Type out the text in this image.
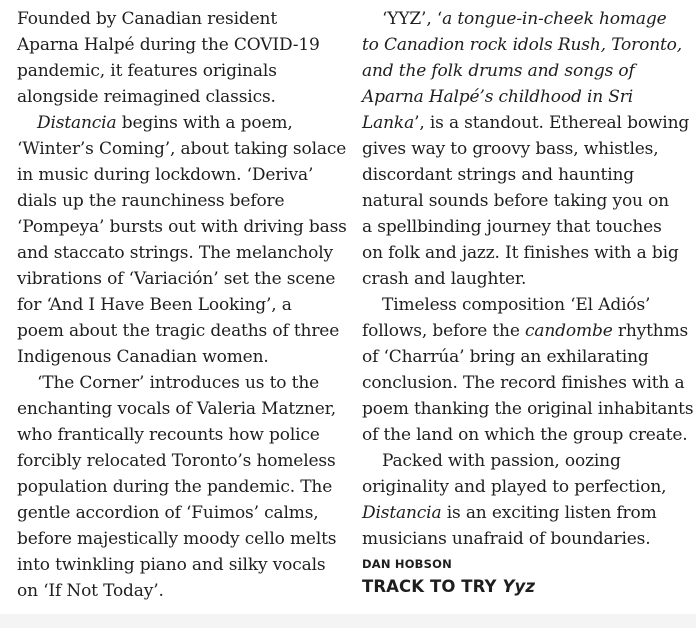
Founded by Canadian resident
Aparna Halpé during the COVID-19
pandemic, it features originals
alongside reimagined classics.
Distancia begins with a poem,
‘Winter’s Coming’, about taking solace
in music during lockdown. ‘Deriva’
dials up the raunchiness before
‘Pompeya’ bursts out with driving bass
and staccato strings. The melancholy
vibrations of ‘Variación’ set the scene
for ‘And I Have Been Looking’, a
poem about the tragic deaths of three
Indigenous Canadian women.
‘The Corner’ introduces us to the
enchanting vocals of Valeria Matzner,
who frantically recounts how police
forcibly relocated Toronto’s homeless
population during the pandemic. The
gentle accordion of ‘Fuimos’ calms,
before majestically moody cello melts
into twinkling piano and silky vocals
on ‘If Not Today’.
‘YYZ’, ‘a tongue-in-cheek homage
to Canadion rock idols Rush, Toronto,
and the folk drums and songs of
Aparna Halpé’s childhood in Sri
Lanka’, is a standout. Ethereal bowing
gives way to groovy bass, whistles,
discordant strings and haunting
natural sounds before taking you on
a spellbinding journey that touches
on folk and jazz. It finishes with a big
crash and laughter.
Timeless composition ‘El Adiós’
follows, before the candombe rhythms
of ‘Charrúa’ bring an exhilarating
conclusion. The record finishes with a
poem thanking the original inhabitants
of the land on which the group create.
Packed with passion, oozing
originality and played to perfection,
Distancia is an exciting listen from
musicians unafraid of boundaries.
DAN HOBSON
TRACK TO TRY Yyz
